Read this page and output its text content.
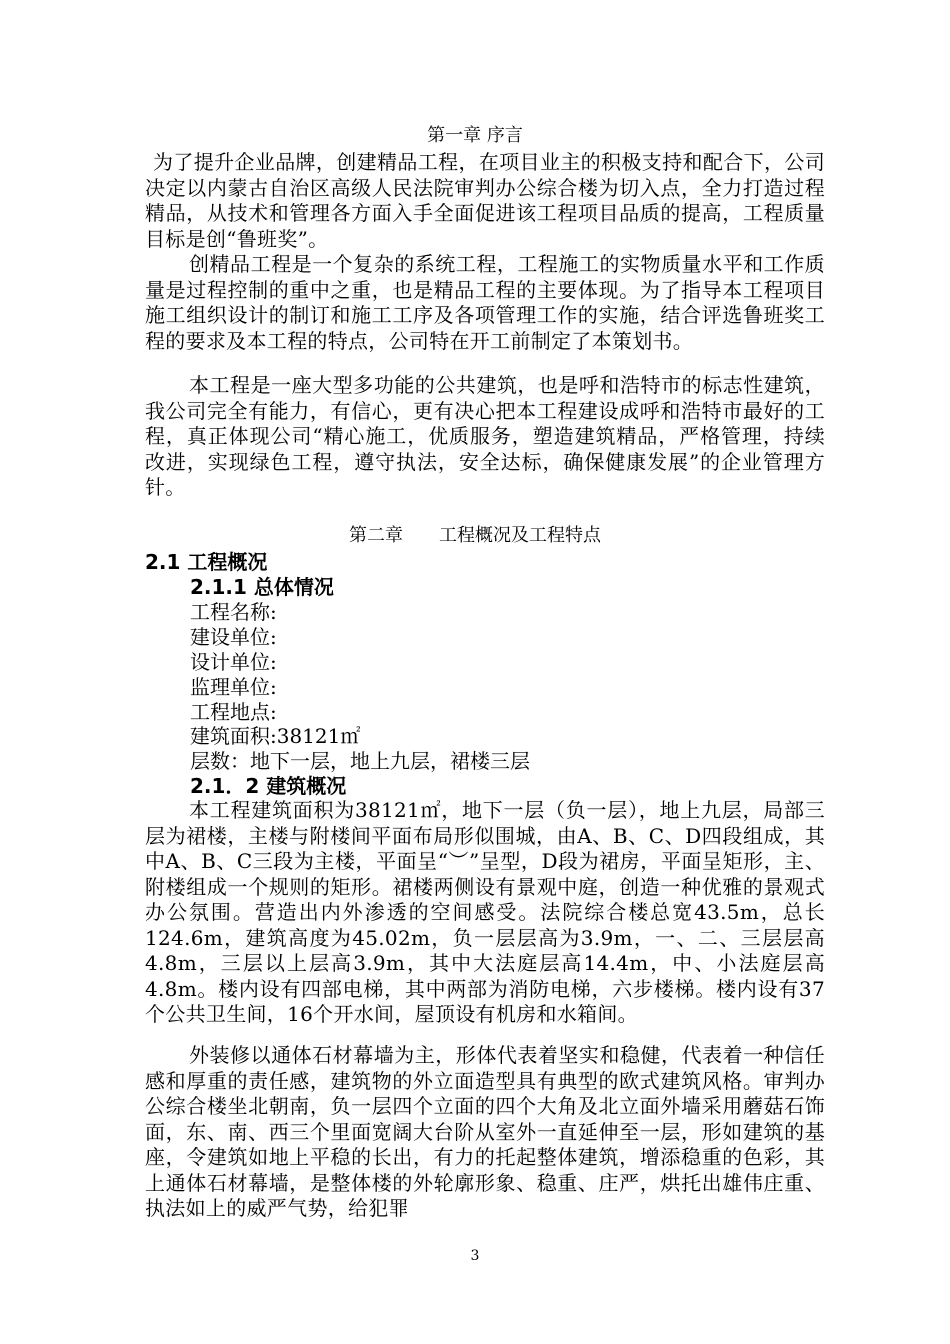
第一章 序言

为了提升企业品牌，创建精品工程，在项目业主的积极支持和配合下，公司决定以内蒙古自治区高级人民法院审判办公综合楼为切入点，全力打造过程精品，从技术和管理各方面入手全面促进该工程项目品质的提高，工程质量目标是创“鲁班奖”。

创精品工程是一个复杂的系统工程，工程施工的实物质量水平和工作质量是过程控制的重中之重，也是精品工程的主要体现。为了指导本工程项目施工组织设计的制订和施工工序及各项管理工作的实施，结合评选鲁班奖工程的要求及本工程的特点，公司特在开工前制定了本策划书。

本工程是一座大型多功能的公共建筑，也是呼和浩特市的标志性建筑，我公司完全有能力，有信心，更有决心把本工程建设成呼和浩特市最好的工程，真正体现公司“精心施工，优质服务，塑造建筑精品，严格管理，持续改进，实现绿色工程，遵守执法，安全达标，确保健康发展”的企业管理方针。

第二章　　工程概况及工程特点
2.1 工程概况
2.1.1 总体情况
工程名称:
建设单位:
设计单位:
监理单位:
工程地点:
建筑面积:38121㎡
层数：地下一层，地上九层，裙楼三层
2.1．2 建筑概况

本工程建筑面积为38121㎡，地下一层（负一层），地上九层，局部三层为裙楼，主楼与附楼间平面布局形似围城，由A、B、C、D四段组成，其中A、B、C三段为主楼，平面呈“︶”呈型，D段为裙房，平面呈矩形，主、附楼组成一个规则的矩形。裙楼两侧设有景观中庭，创造一种优雅的景观式办公氛围。营造出内外渗透的空间感受。法院综合楼总宽43.5m，总长124.6m，建筑高度为45.02m，负一层层高为3.9m，一、二、三层层高4.8m，三层以上层高3.9m，其中大法庭层高14.4m，中、小法庭层高4.8m。楼内设有四部电梯，其中两部为消防电梯，六步楼梯。楼内设有37个公共卫生间，16个开水间，屋顶设有机房和水箱间。

外装修以通体石材幕墙为主，形体代表着坚实和稳健，代表着一种信任感和厚重的责任感，建筑物的外立面造型具有典型的欧式建筑风格。审判办公综合楼坐北朝南，负一层四个立面的四个大角及北立面外墙采用蘑菇石饰面，东、南、西三个里面宽阔大台阶从室外一直延伸至一层，形如建筑的基座，令建筑如地上平稳的长出，有力的托起整体建筑，增添稳重的色彩，其上通体石材幕墙，是整体楼的外轮廓形象、稳重、庄严，烘托出雄伟庄重、执法如上的威严气势，给犯罪

3
